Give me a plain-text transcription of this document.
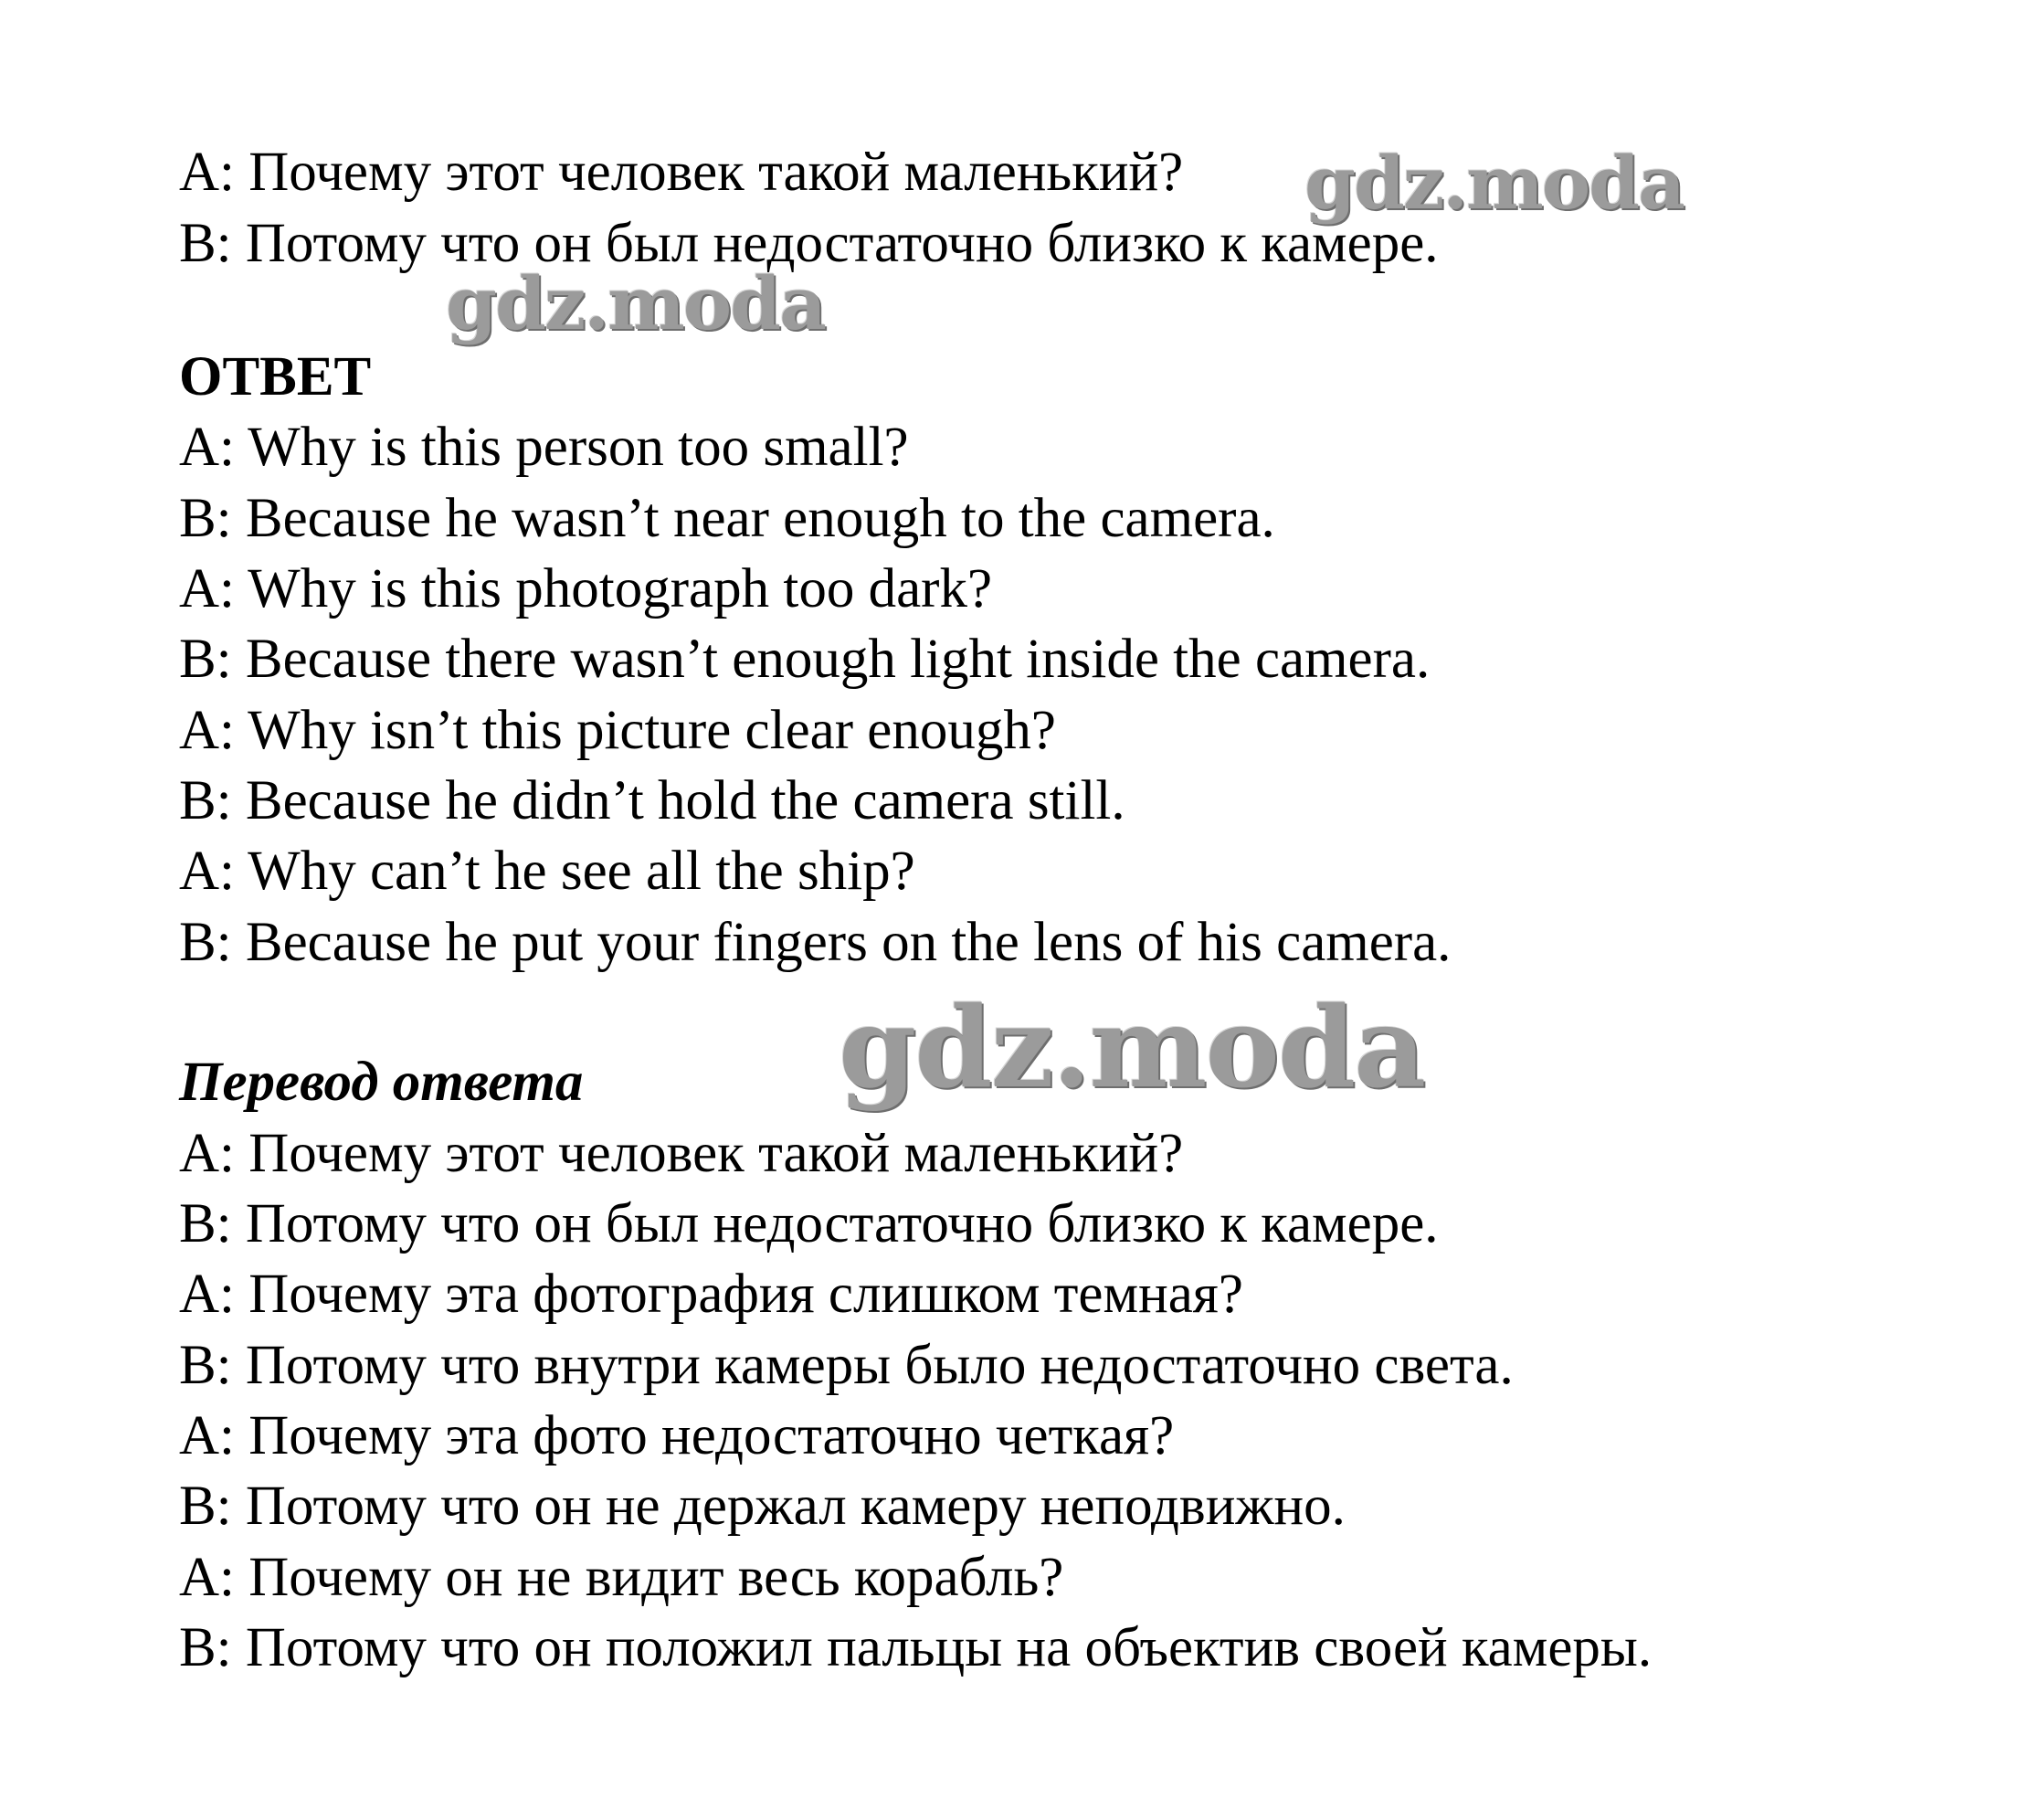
A: Почему этот человек такой маленький?
B: Потому что он был недостаточно близко к камере.
ОТВЕТ
A: Why is this person too small?
B: Because he wasn’t near enough to the camera.
A: Why is this photograph too dark?
B: Because there wasn’t enough light inside the camera.
A: Why isn’t this picture clear enough?
B: Because he didn’t hold the camera still.
A: Why can’t he see all the ship?
B: Because he put your fingers on the lens of his camera.
Перевод ответа
A: Почему этот человек такой маленький?
B: Потому что он был недостаточно близко к камере.
A: Почему эта фотография слишком темная?
B: Потому что внутри камеры было недостаточно света.
A: Почему эта фото недостаточно четкая?
B: Потому что он не держал камеру неподвижно.
A: Почему он не видит весь корабль?
B: Потому что он положил пальцы на объектив своей камеры.
gdz.moda
gdz.moda
gdz.moda
